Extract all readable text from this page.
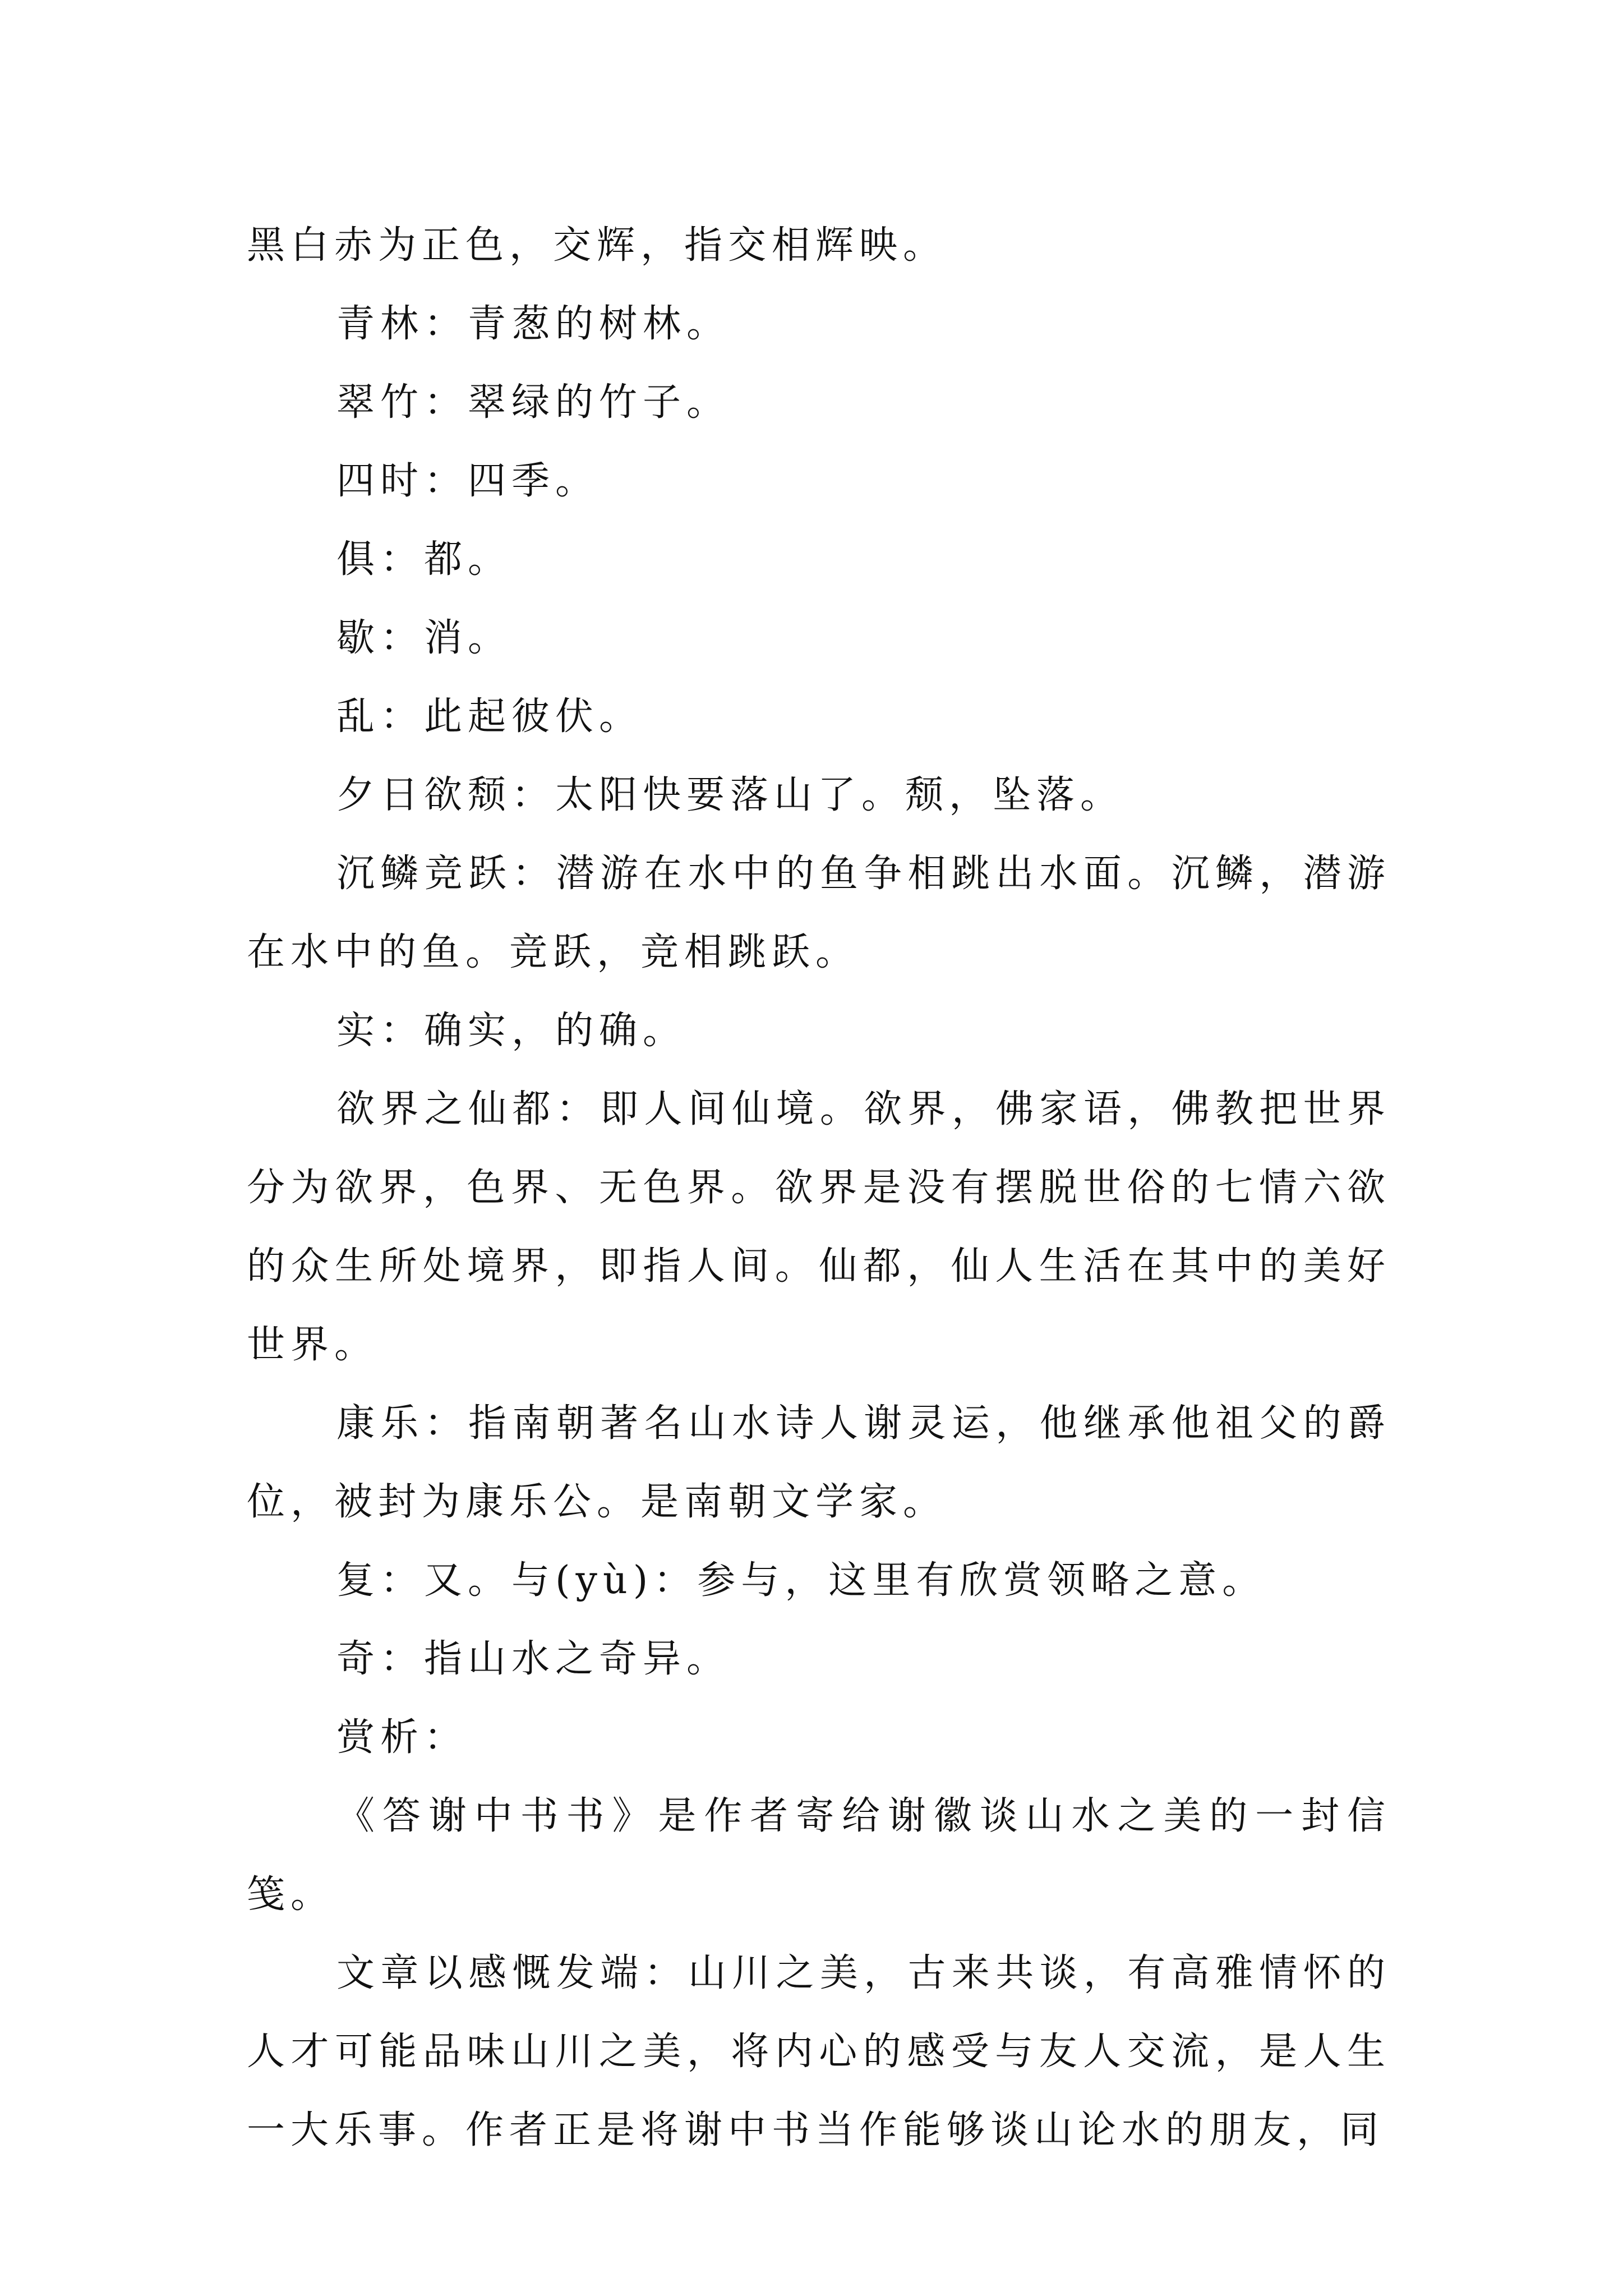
黑白赤为正色，交辉，指交相辉映。

青林：青葱的树林。

翠竹：翠绿的竹子。

四时：四季。

俱：都。

歇：消。

乱：此起彼伏。

夕日欲颓：太阳快要落山了。颓，坠落。

沉鳞竞跃：潜游在水中的鱼争相跳出水面。沉鳞，潜游在水中的鱼。竞跃，竞相跳跃。

实：确实，的确。

欲界之仙都：即人间仙境。欲界，佛家语，佛教把世界分为欲界，色界、无色界。欲界是没有摆脱世俗的七情六欲的众生所处境界，即指人间。仙都，仙人生活在其中的美好世界。

康乐：指南朝著名山水诗人谢灵运，他继承他祖父的爵位，被封为康乐公。是南朝文学家。

复：又。与(yù)：参与，这里有欣赏领略之意。

奇：指山水之奇异。

赏析：

《答谢中书书》是作者寄给谢徽谈山水之美的一封信笺。

文章以感慨发端：山川之美，古来共谈，有高雅情怀的人才可能品味山川之美，将内心的感受与友人交流，是人生一大乐事。作者正是将谢中书当作能够谈山论水的朋友，同
